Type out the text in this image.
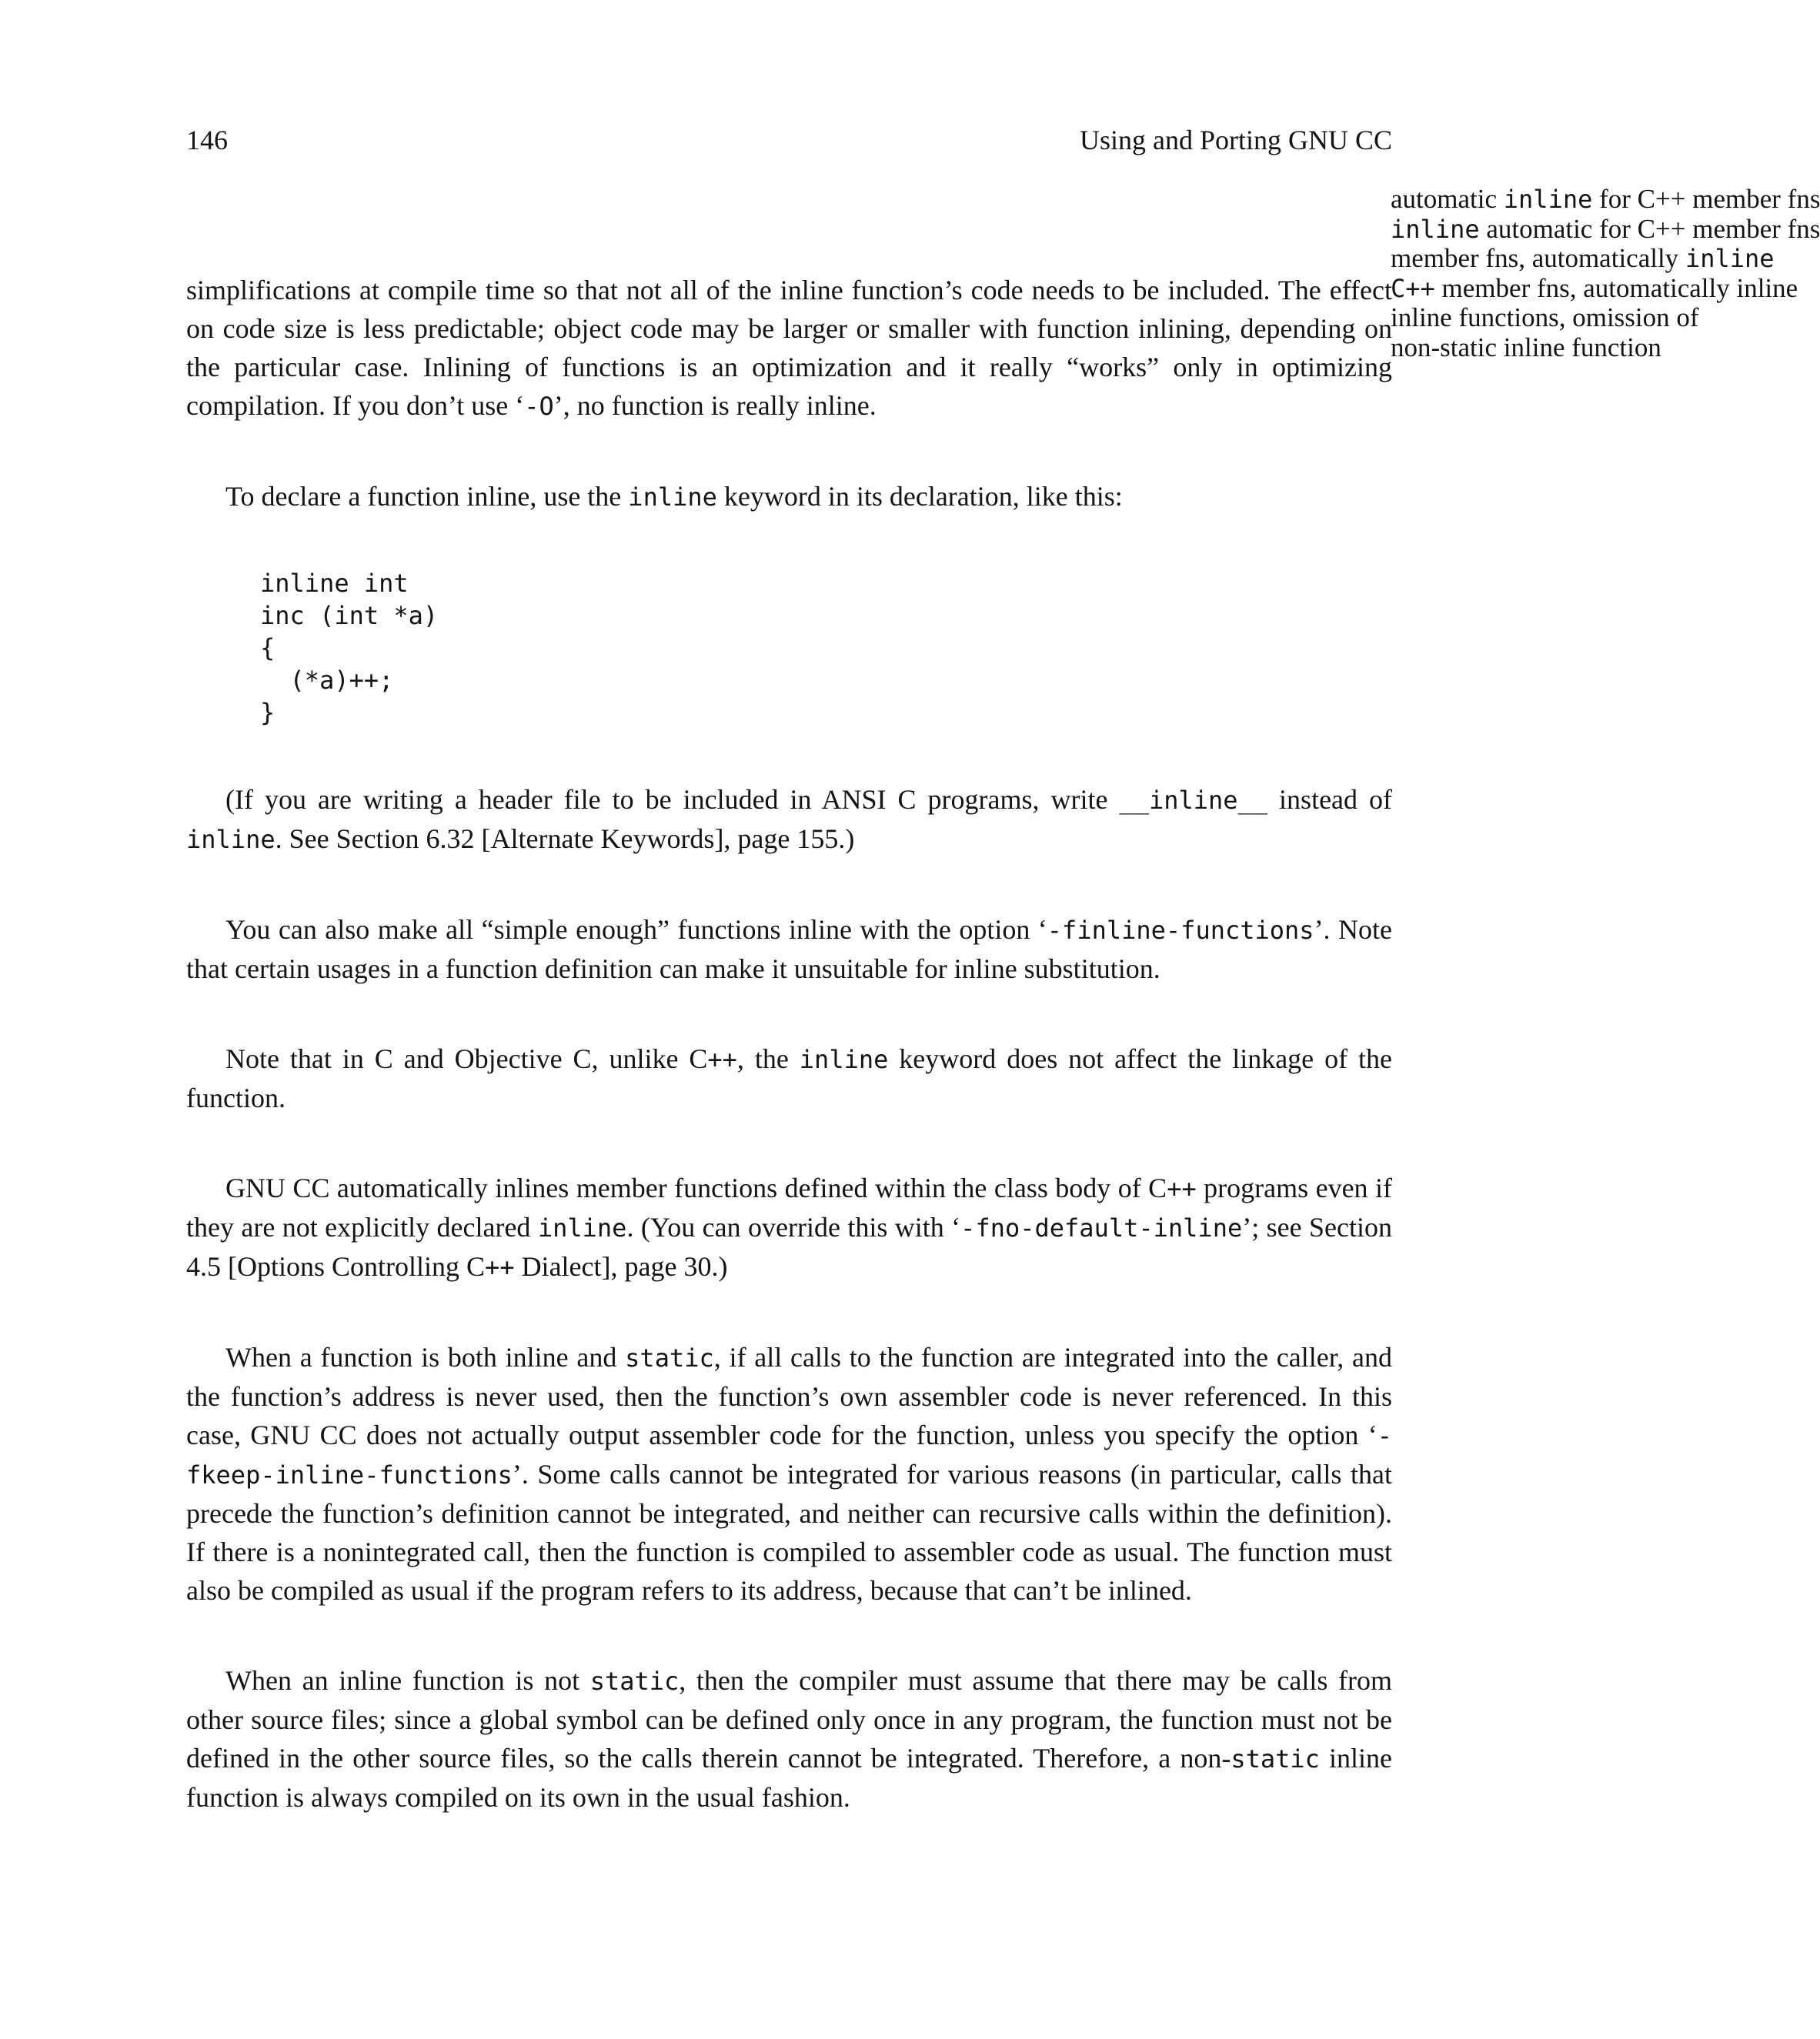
146	Using and Porting GNU CC
automatic inline for C++ member fns
inline automatic for C++ member fns
member fns, automatically inline
C++ member fns, automatically inline
inline functions, omission of
non-static inline function

simplifications at compile time so that not all of the inline function’s code needs to be included. The effect on code size is less predictable; object code may be larger or smaller with function inlining, depending on the particular case. Inlining of functions is an optimization and it really “works” only in optimizing compilation. If you don’t use ‘-O’, no function is really inline.

To declare a function inline, use the inline keyword in its declaration, like this:

inline int
inc (int *a)
{
(*a)++;
}

(If you are writing a header file to be included in ANSI C programs, write __inline__ instead of inline. See Section 6.32 [Alternate Keywords], page 155.)

You can also make all “simple enough” functions inline with the option ‘-finline-functions’. Note that certain usages in a function definition can make it unsuitable for inline substitution.

Note that in C and Objective C, unlike C++, the inline keyword does not affect the linkage of the function.

GNU CC automatically inlines member functions defined within the class body of C++ programs even if they are not explicitly declared inline. (You can override this with ‘-fno-default-inline’; see Section 4.5 [Options Controlling C++ Dialect], page 30.)

When a function is both inline and static, if all calls to the function are integrated into the caller, and the function’s address is never used, then the function’s own assembler code is never referenced. In this case, GNU CC does not actually output assembler code for the function, unless you specify the option ‘-fkeep-inline-functions’. Some calls cannot be integrated for various reasons (in particular, calls that precede the function’s definition cannot be integrated, and neither can recursive calls within the definition). If there is a nonintegrated call, then the function is compiled to assembler code as usual. The function must also be compiled as usual if the program refers to its address, because that can’t be inlined.

When an inline function is not static, then the compiler must assume that there may be calls from other source files; since a global symbol can be defined only once in any program, the function must not be defined in the other source files, so the calls therein cannot be integrated. Therefore, a non-static inline function is always compiled on its own in the usual fashion.
